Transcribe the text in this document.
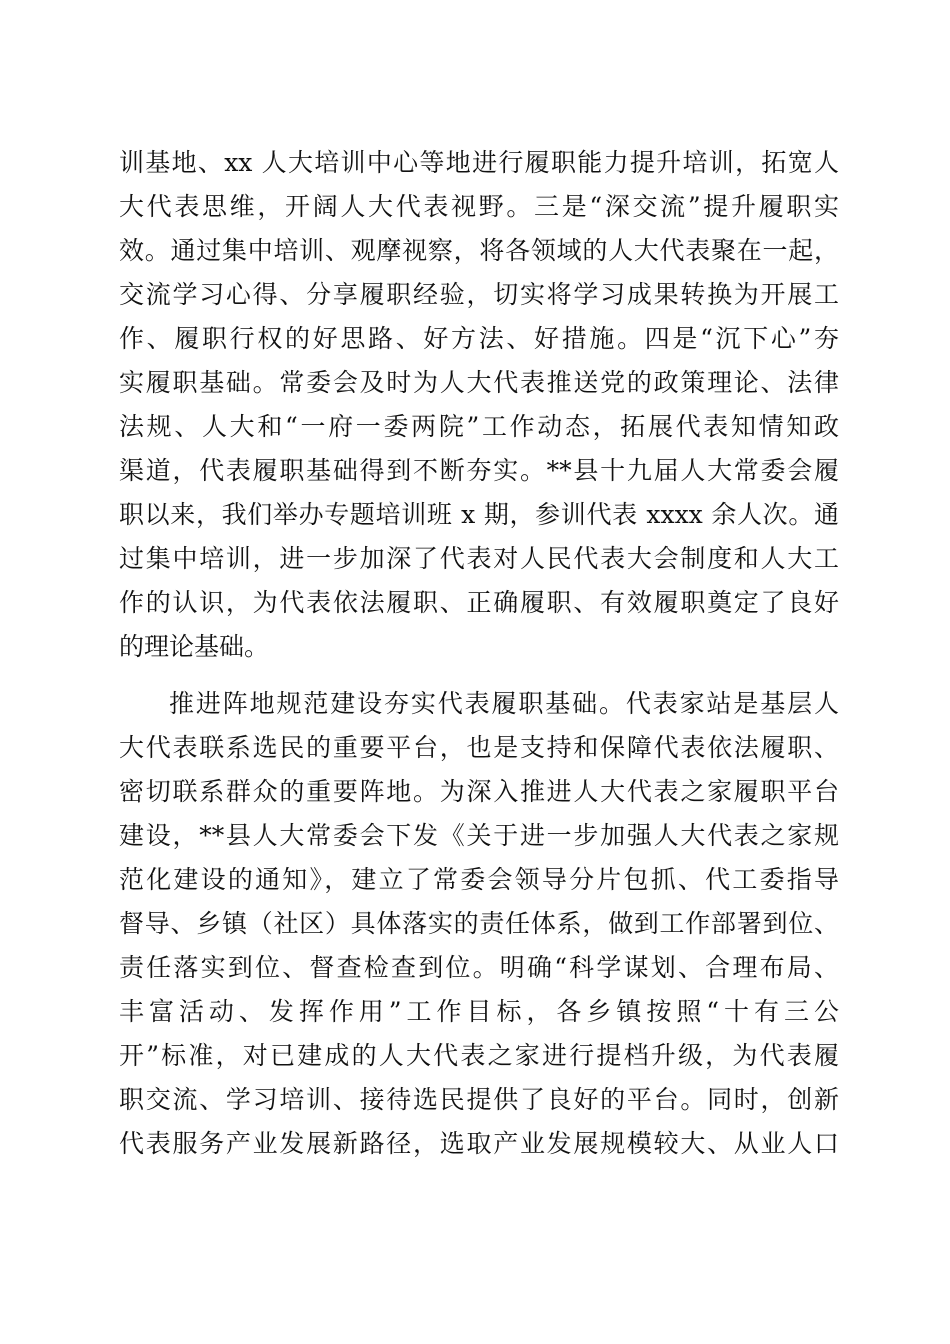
训基地、xx 人大培训中心等地进行履职能力提升培训，拓宽人
大代表思维，开阔人大代表视野。三是“深交流”提升履职实
效。通过集中培训、观摩视察，将各领域的人大代表聚在一起，
交流学习心得、分享履职经验，切实将学习成果转换为开展工
作、履职行权的好思路、好方法、好措施。四是“沉下心”夯
实履职基础。常委会及时为人大代表推送党的政策理论、法律
法规、人大和“一府一委两院”工作动态，拓展代表知情知政
渠道，代表履职基础得到不断夯实。**县十九届人大常委会履
职以来，我们举办专题培训班 x 期，参训代表 xxxx 余人次。通
过集中培训，进一步加深了代表对人民代表大会制度和人大工
作的认识，为代表依法履职、正确履职、有效履职奠定了良好
的理论基础。
推进阵地规范建设夯实代表履职基础。代表家站是基层人
大代表联系选民的重要平台，也是支持和保障代表依法履职、
密切联系群众的重要阵地。为深入推进人大代表之家履职平台
建设，**县人大常委会下发《关于进一步加强人大代表之家规
范化建设的通知》，建立了常委会领导分片包抓、代工委指导
督导、乡镇（社区）具体落实的责任体系，做到工作部署到位、
责任落实到位、督查检查到位。明确“科学谋划、合理布局、
丰富活动、发挥作用”工作目标，各乡镇按照“十有三公
开”标准，对已建成的人大代表之家进行提档升级，为代表履
职交流、学习培训、接待选民提供了良好的平台。同时，创新
代表服务产业发展新路径，选取产业发展规模较大、从业人口
